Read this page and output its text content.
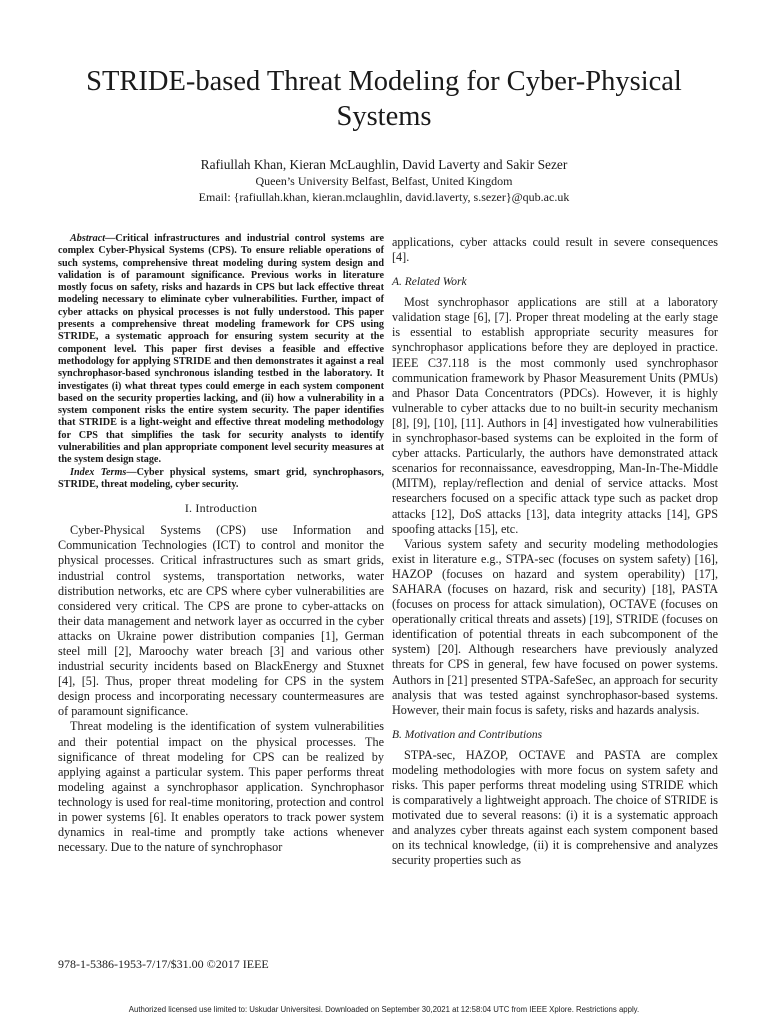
STRIDE-based Threat Modeling for Cyber-Physical Systems
Rafiullah Khan, Kieran McLaughlin, David Laverty and Sakir Sezer
Queen’s University Belfast, Belfast, United Kingdom
Email: {rafiullah.khan, kieran.mclaughlin, david.laverty, s.sezer}@qub.ac.uk

Abstract—Critical infrastructures and industrial control systems are complex Cyber-Physical Systems (CPS). To ensure reliable operations of such systems, comprehensive threat modeling during system design and validation is of paramount significance. Previous works in literature mostly focus on safety, risks and hazards in CPS but lack effective threat modeling necessary to eliminate cyber vulnerabilities. Further, impact of cyber attacks on physical processes is not fully understood. This paper presents a comprehensive threat modeling framework for CPS using STRIDE, a systematic approach for ensuring system security at the component level. This paper first devises a feasible and effective methodology for applying STRIDE and then demonstrates it against a real synchrophasor-based synchronous islanding testbed in the laboratory. It investigates (i) what threat types could emerge in each system component based on the security properties lacking, and (ii) how a vulnerability in a system component risks the entire system security. The paper identifies that STRIDE is a light-weight and effective threat modeling methodology for CPS that simplifies the task for security analysts to identify vulnerabilities and plan appropriate component level security measures at the system design stage.

Index Terms—Cyber physical systems, smart grid, synchrophasors, STRIDE, threat modeling, cyber security.

I. Introduction

Cyber-Physical Systems (CPS) use Information and Communication Technologies (ICT) to control and monitor the physical processes. Critical infrastructures such as smart grids, industrial control systems, transportation networks, water distribution networks, etc are CPS where cyber vulnerabilities are considered very critical. The CPS are prone to cyber-attacks on their data management and network layer as occurred in the cyber attacks on Ukraine power distribution companies [1], German steel mill [2], Maroochy water breach [3] and various other industrial security incidents based on BlackEnergy and Stuxnet [4], [5]. Thus, proper threat modeling for CPS in the system design process and incorporating necessary countermeasures are of paramount significance.

Threat modeling is the identification of system vulnerabilities and their potential impact on the physical processes. The significance of threat modeling for CPS can be realized by applying against a particular system. This paper performs threat modeling against a synchrophasor application. Synchrophasor technology is used for real-time monitoring, protection and control in power systems [6]. It enables operators to track power system dynamics in real-time and promptly take actions whenever necessary. Due to the nature of synchrophasor

applications, cyber attacks could result in severe consequences [4].

A. Related Work

Most synchrophasor applications are still at a laboratory validation stage [6], [7]. Proper threat modeling at the early stage is essential to establish appropriate security measures for synchrophasor applications before they are deployed in practice. IEEE C37.118 is the most commonly used synchrophasor communication framework by Phasor Measurement Units (PMUs) and Phasor Data Concentrators (PDCs). However, it is highly vulnerable to cyber attacks due to no built-in security mechanism [8], [9], [10], [11]. Authors in [4] investigated how vulnerabilities in synchrophasor-based systems can be exploited in the form of cyber attacks. Particularly, the authors have demonstrated attack scenarios for reconnaissance, eavesdropping, Man-In-The-Middle (MITM), replay/reflection and denial of service attacks. Most researchers focused on a specific attack type such as packet drop attacks [12], DoS attacks [13], data integrity attacks [14], GPS spoofing attacks [15], etc.

Various system safety and security modeling methodologies exist in literature e.g., STPA-sec (focuses on system safety) [16], HAZOP (focuses on hazard and system operability) [17], SAHARA (focuses on hazard, risk and security) [18], PASTA (focuses on process for attack simulation), OCTAVE (focuses on operationally critical threats and assets) [19], STRIDE (focuses on identification of potential threats in each subcomponent of the system) [20]. Although researchers have previously analyzed threats for CPS in general, few have focused on power systems. Authors in [21] presented STPA-SafeSec, an approach for security analysis that was tested against synchrophasor-based systems. However, their main focus is safety, risks and hazards analysis.

B. Motivation and Contributions

STPA-sec, HAZOP, OCTAVE and PASTA are complex modeling methodologies with more focus on system safety and risks. This paper performs threat modeling using STRIDE which is comparatively a lightweight approach. The choice of STRIDE is motivated due to several reasons: (i) it is a systematic approach and analyzes cyber threats against each system component based on its technical knowledge, (ii) it is comprehensive and analyzes security properties such as

978-1-5386-1953-7/17/$31.00 ©2017 IEEE
Authorized licensed use limited to: Uskudar Universitesi. Downloaded on September 30,2021 at 12:58:04 UTC from IEEE Xplore. Restrictions apply.
